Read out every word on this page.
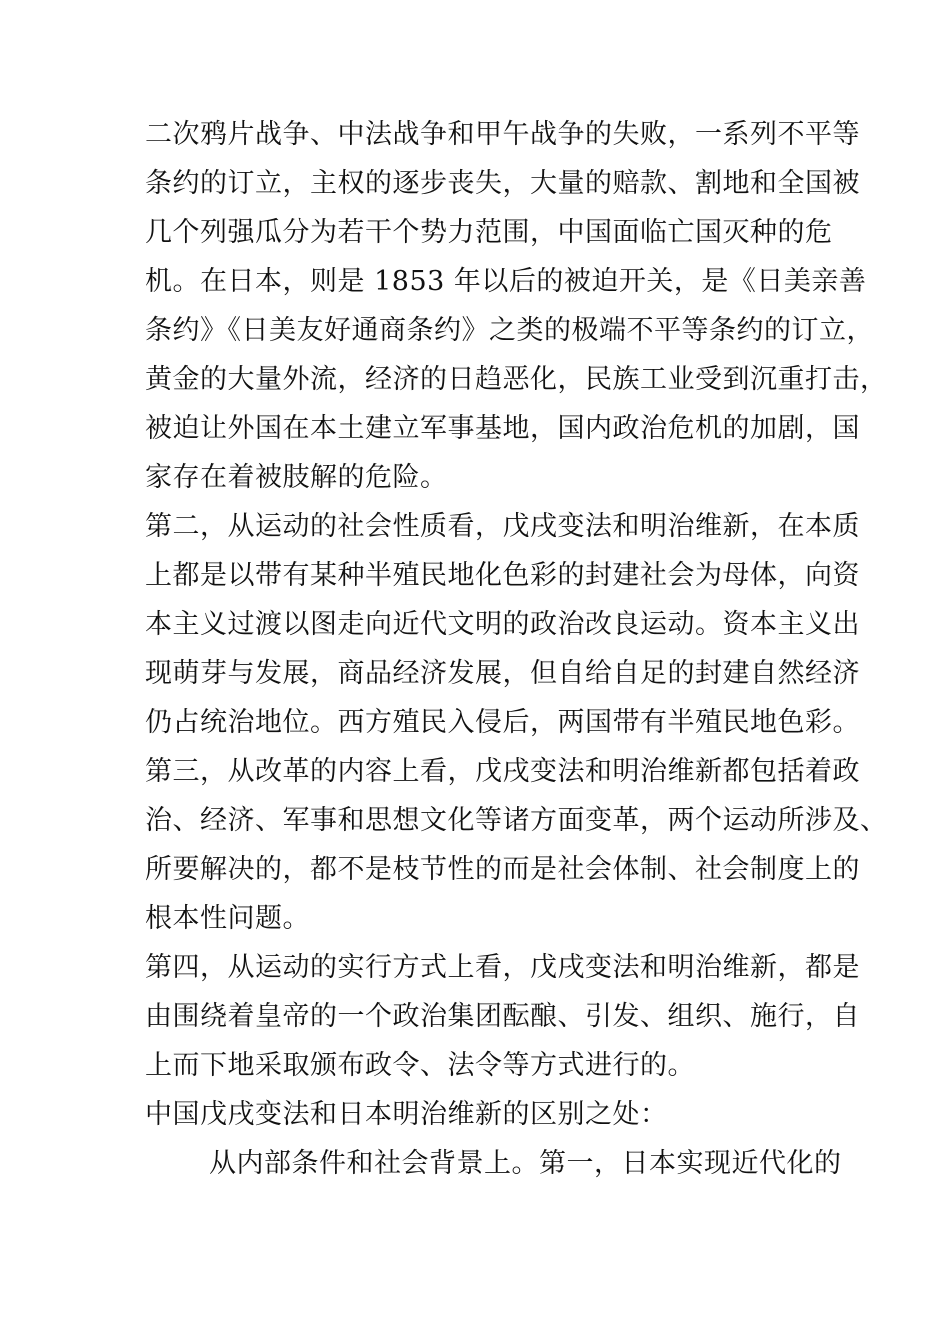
二次鸦片战争、中法战争和甲午战争的失败，一系列不平等
条约的订立，主权的逐步丧失，大量的赔款、割地和全国被
几个列强瓜分为若干个势力范围，中国面临亡国灭种的危
机。在日本，则是 1853 年以后的被迫开关，是《日美亲善
条约》《日美友好通商条约》之类的极端不平等条约的订立，
黄金的大量外流，经济的日趋恶化，民族工业受到沉重打击，
被迫让外国在本土建立军事基地，国内政治危机的加剧，国
家存在着被肢解的危险。
第二，从运动的社会性质看，戊戌变法和明治维新，在本质
上都是以带有某种半殖民地化色彩的封建社会为母体，向资
本主义过渡以图走向近代文明的政治改良运动。资本主义出
现萌芽与发展，商品经济发展，但自给自足的封建自然经济
仍占统治地位。西方殖民入侵后，两国带有半殖民地色彩。
第三，从改革的内容上看，戊戌变法和明治维新都包括着政
治、经济、军事和思想文化等诸方面变革，两个运动所涉及、
所要解决的，都不是枝节性的而是社会体制、社会制度上的
根本性问题。
第四，从运动的实行方式上看，戊戌变法和明治维新，都是
由围绕着皇帝的一个政治集团酝酿、引发、组织、施行，自
上而下地采取颁布政令、法令等方式进行的。
中国戊戌变法和日本明治维新的区别之处：
从内部条件和社会背景上。第一，日本实现近代化的
